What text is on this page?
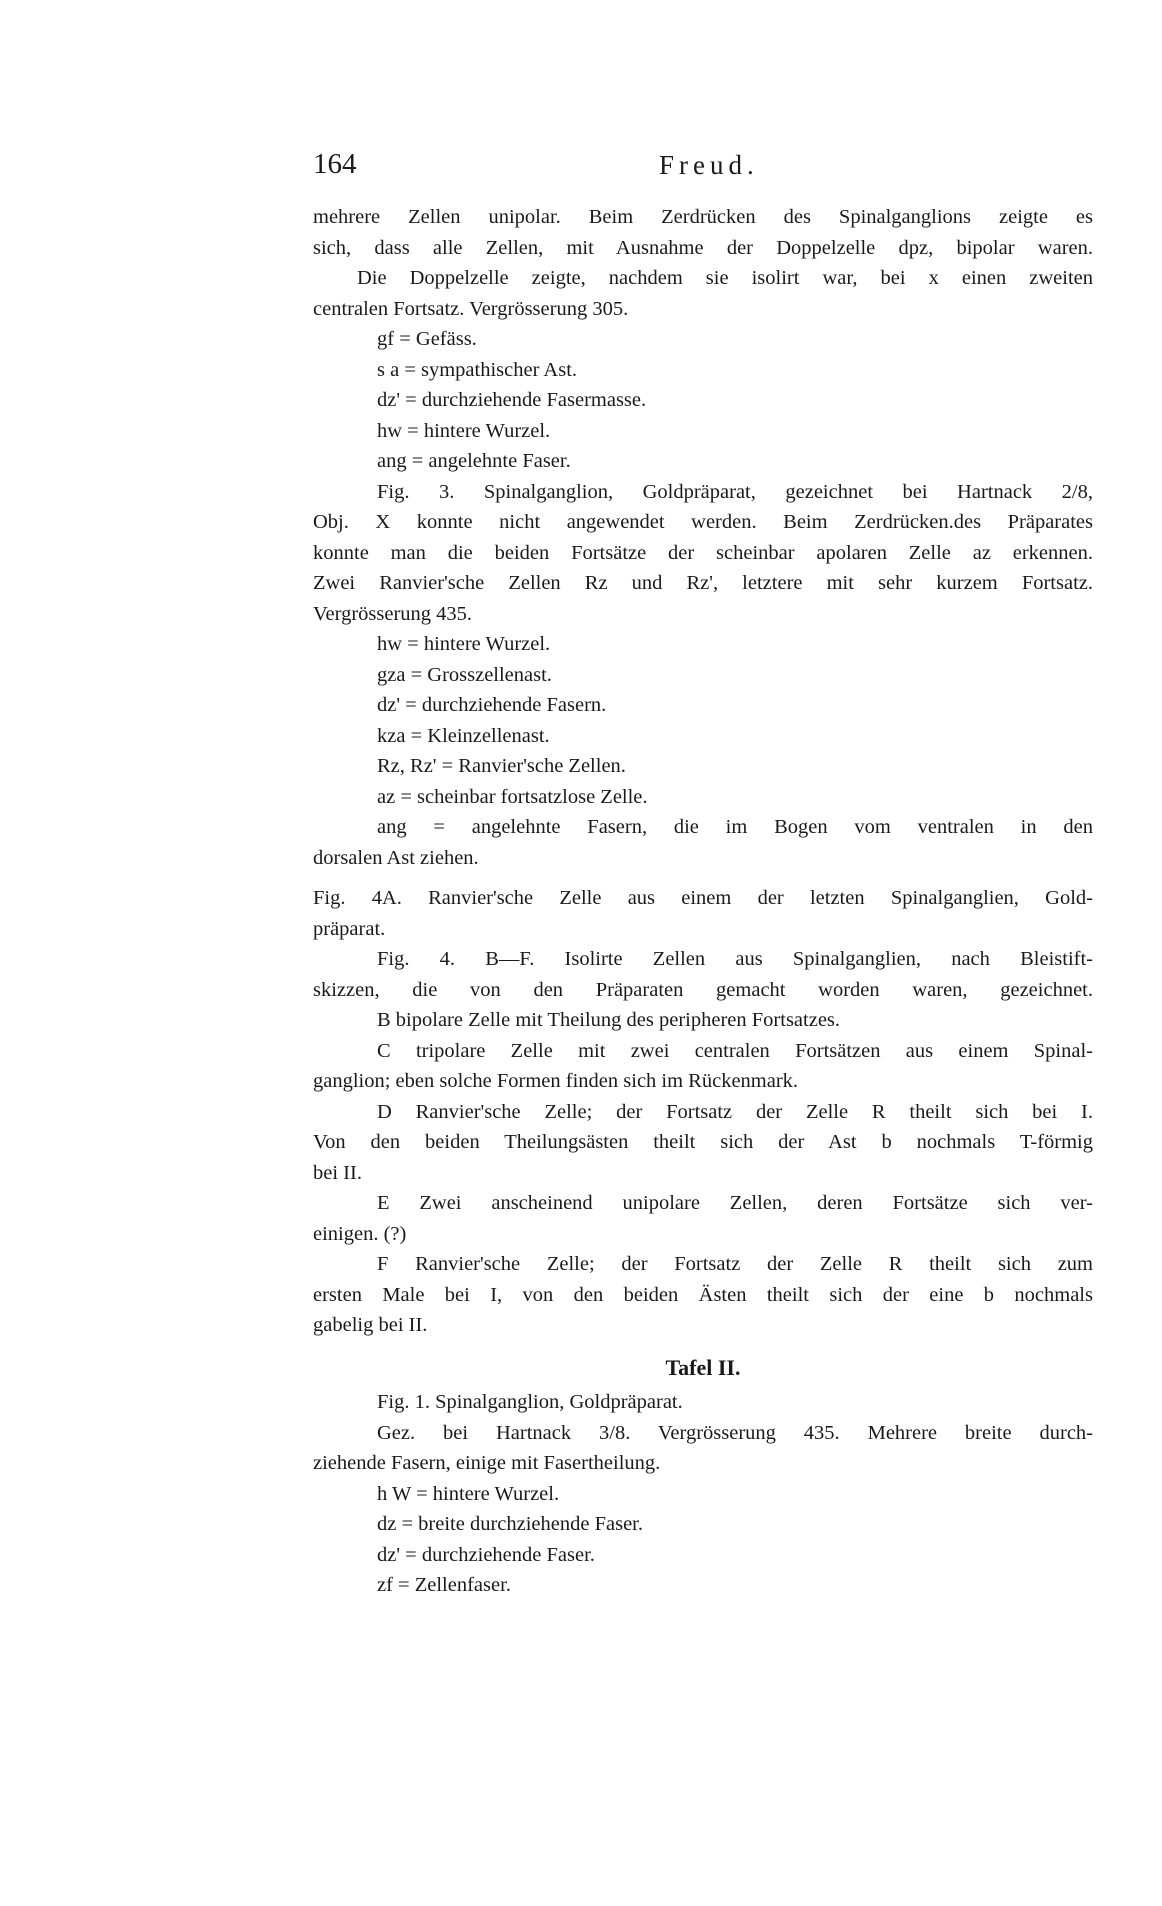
164	Freud.
mehrere Zellen unipolar. Beim Zerdrücken des Spinalganglions zeigte es
sich, dass alle Zellen, mit Ausnahme der Doppelzelle dpz, bipolar waren.
Die Doppelzelle zeigte, nachdem sie isolirt war, bei x einen zweiten
centralen Fortsatz. Vergrösserung 305.
gf = Gefäss.
s a = sympathischer Ast.
dz' = durchziehende Fasermasse.
hw = hintere Wurzel.
ang = angelehnte Faser.
Fig. 3. Spinalganglion, Goldpräparat, gezeichnet bei Hartnack 2/8,
Obj. X konnte nicht angewendet werden. Beim Zerdrücken.des Präparates
konnte man die beiden Fortsätze der scheinbar apolaren Zelle az erkennen.
Zwei Ranvier'sche Zellen Rz und Rz', letztere mit sehr kurzem Fortsatz.
Vergrösserung 435.
hw = hintere Wurzel.
gza = Grosszellenast.
dz' = durchziehende Fasern.
kza = Kleinzellenast.
Rz, Rz' = Ranvier'sche Zellen.
az = scheinbar fortsatzlose Zelle.
ang = angelehnte Fasern, die im Bogen vom ventralen in den
dorsalen Ast ziehen.
Fig. 4A. Ranvier'sche Zelle aus einem der letzten Spinalganglien, Gold-
präparat.
Fig. 4. B—F. Isolirte Zellen aus Spinalganglien, nach Bleistift-
skizzen, die von den Präparaten gemacht worden waren, gezeichnet.
B bipolare Zelle mit Theilung des peripheren Fortsatzes.
C tripolare Zelle mit zwei centralen Fortsätzen aus einem Spinal-
ganglion; eben solche Formen finden sich im Rückenmark.
D Ranvier'sche Zelle; der Fortsatz der Zelle R theilt sich bei I.
Von den beiden Theilungsästen theilt sich der Ast b nochmals T-förmig
bei II.
E Zwei anscheinend unipolare Zellen, deren Fortsätze sich ver-
einigen. (?)
F Ranvier'sche Zelle; der Fortsatz der Zelle R theilt sich zum
ersten Male bei I, von den beiden Ästen theilt sich der eine b nochmals
gabelig bei II.
Tafel II.
Fig. 1. Spinalganglion, Goldpräparat.
Gez. bei Hartnack 3/8. Vergrösserung 435. Mehrere breite durch-
ziehende Fasern, einige mit Fasertheilung.
h W = hintere Wurzel.
dz = breite durchziehende Faser.
dz' = durchziehende Faser.
zf = Zellenfaser.
